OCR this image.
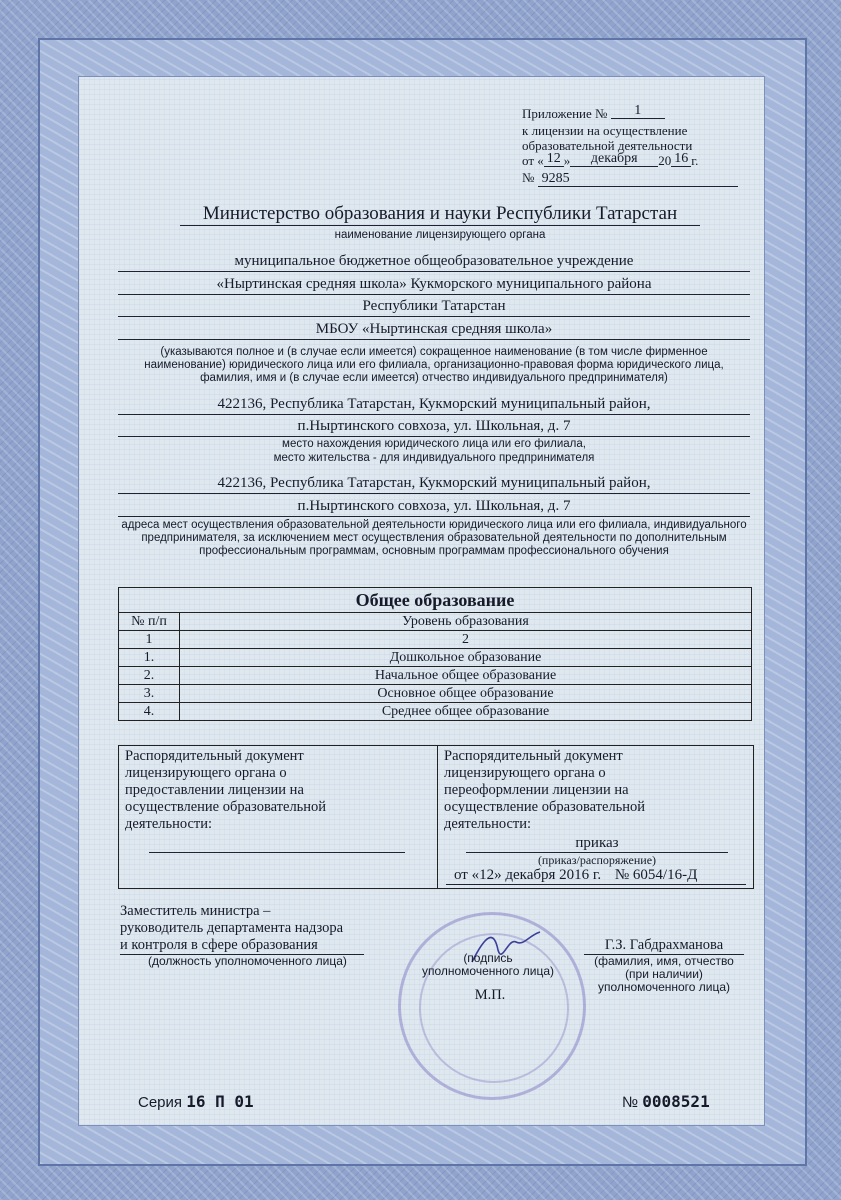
Приложение № 1
к лицензии на осуществление
образовательной деятельности
от « 12 » декабря 20 16 г.
№ 9285
Министерство образования и науки Республики Татарстан
наименование лицензирующего органа
муниципальное бюджетное общеобразовательное учреждение
«Ныртинская средняя школа» Кукморского муниципального района
Республики Татарстан
МБОУ «Ныртинская средняя школа»
(указываются полное и (в случае если имеется) сокращенное наименование (в том числе фирменное наименование) юридического лица или его филиала, организационно-правовая форма юридического лица, фамилия, имя и (в случае если имеется) отчество индивидуального предпринимателя)
422136, Республика Татарстан, Кукморский муниципальный район,
п.Ныртинского совхоза, ул. Школьная, д. 7
место нахождения юридического лица или его филиала,
место жительства - для индивидуального предпринимателя
422136, Республика Татарстан, Кукморский муниципальный район,
п.Ныртинского совхоза, ул. Школьная, д. 7
адреса мест осуществления образовательной деятельности юридического лица или его филиала, индивидуального предпринимателя, за исключением мест осуществления образовательной деятельности по дополнительным профессиональным программам, основным программам профессионального обучения
Общее образование	
№ п/п	Уровень образования
1	2
1.	Дошкольное образование
2.	Начальное общее образование
3.	Основное общее образование
4.	Среднее общее образование
Распорядительный документ лицензирующего органа о предоставлении лицензии на осуществление образовательной деятельности:
Распорядительный документ лицензирующего органа о переоформлении лицензии на осуществление образовательной деятельности:
приказ
(приказ/распоряжение)
от «12» декабря 2016 г. № 6054/16-Д
Заместитель министра –
руководитель департамента надзора
и контроля в сфере образования
(должность уполномоченного лица)	(подпись
уполномоченного лица)
М.П.
Г.З. Габдрахманова
(фамилия, имя, отчество
(при наличии)
уполномоченного лица)
Серия 16 П 01	№ 0008521
